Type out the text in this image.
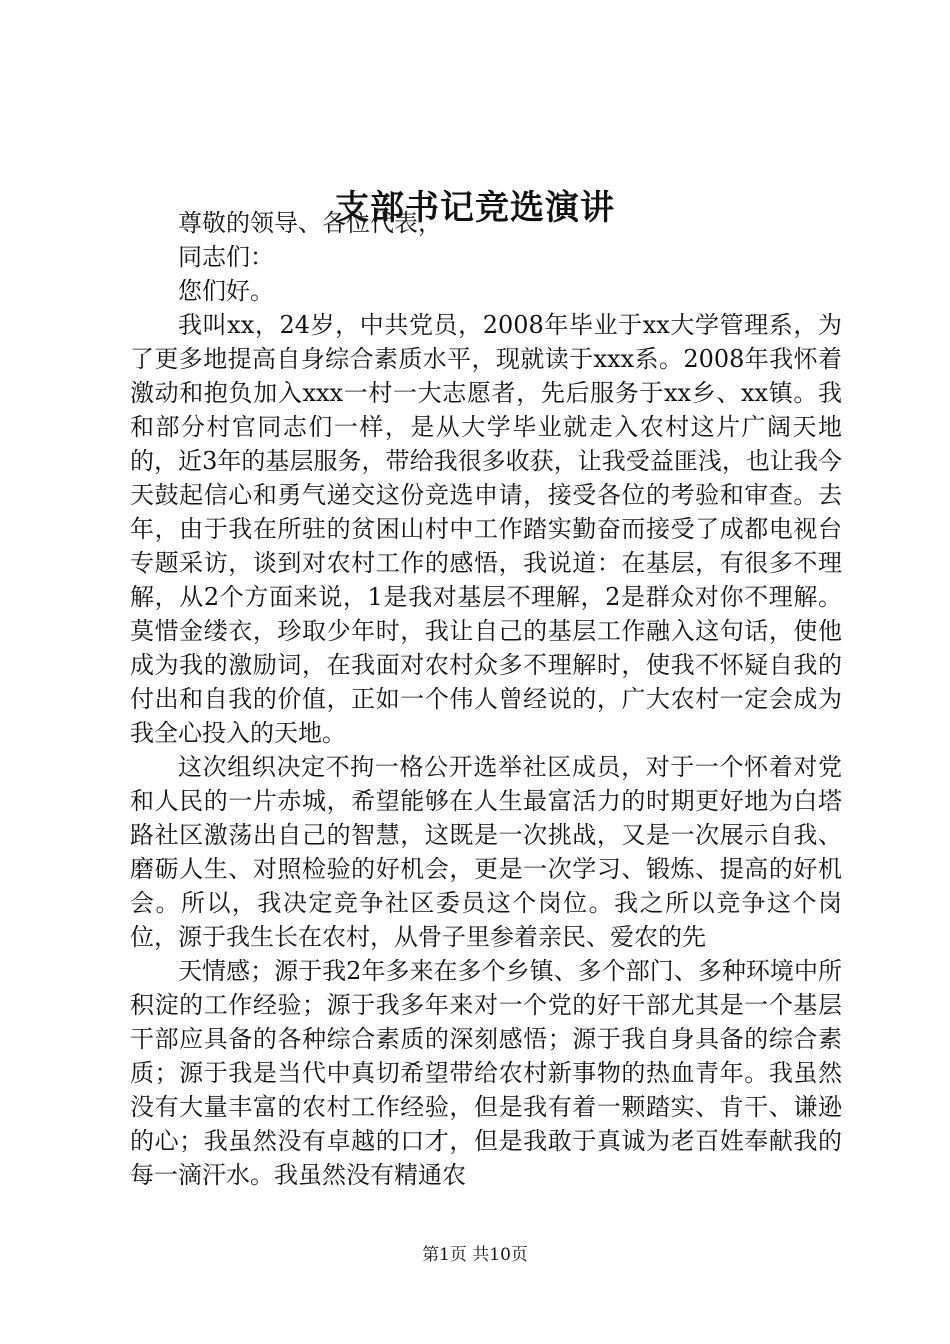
支部书记竞选演讲
尊敬的领导、各位代表，
同志们：
您们好。

我叫xx，24岁，中共党员，2008年毕业于xx大学管理系，为了更多地提高自身综合素质水平，现就读于xxx系。2008年我怀着激动和抱负加入xxx一村一大志愿者，先后服务于xx乡、xx镇。我和部分村官同志们一样，是从大学毕业就走入农村这片广阔天地的，近3年的基层服务，带给我很多收获，让我受益匪浅，也让我今天鼓起信心和勇气递交这份竞选申请，接受各位的考验和审查。去年，由于我在所驻的贫困山村中工作踏实勤奋而接受了成都电视台专题采访，谈到对农村工作的感悟，我说道：在基层，有很多不理解，从2个方面来说，1是我对基层不理解，2是群众对你不理解。莫惜金缕衣，珍取少年时，我让自己的基层工作融入这句话，使他成为我的激励词，在我面对农村众多不理解时，使我不怀疑自我的付出和自我的价值，正如一个伟人曾经说的，广大农村一定会成为我全心投入的天地。

这次组织决定不拘一格公开选举社区成员，对于一个怀着对党和人民的一片赤城，希望能够在人生最富活力的时期更好地为白塔路社区激荡出自己的智慧，这既是一次挑战，又是一次展示自我、磨砺人生、对照检验的好机会，更是一次学习、锻炼、提高的好机会。所以，我决定竞争社区委员这个岗位。我之所以竞争这个岗位，源于我生长在农村，从骨子里参着亲民、爱农的先

天情感；源于我2年多来在多个乡镇、多个部门、多种环境中所积淀的工作经验；源于我多年来对一个党的好干部尤其是一个基层干部应具备的各种综合素质的深刻感悟；源于我自身具备的综合素质；源于我是当代中真切希望带给农村新事物的热血青年。我虽然没有大量丰富的农村工作经验，但是我有着一颗踏实、肯干、谦逊的心；我虽然没有卓越的口才，但是我敢于真诚为老百姓奉献我的每一滴汗水。我虽然没有精通农

第1页 共10页
